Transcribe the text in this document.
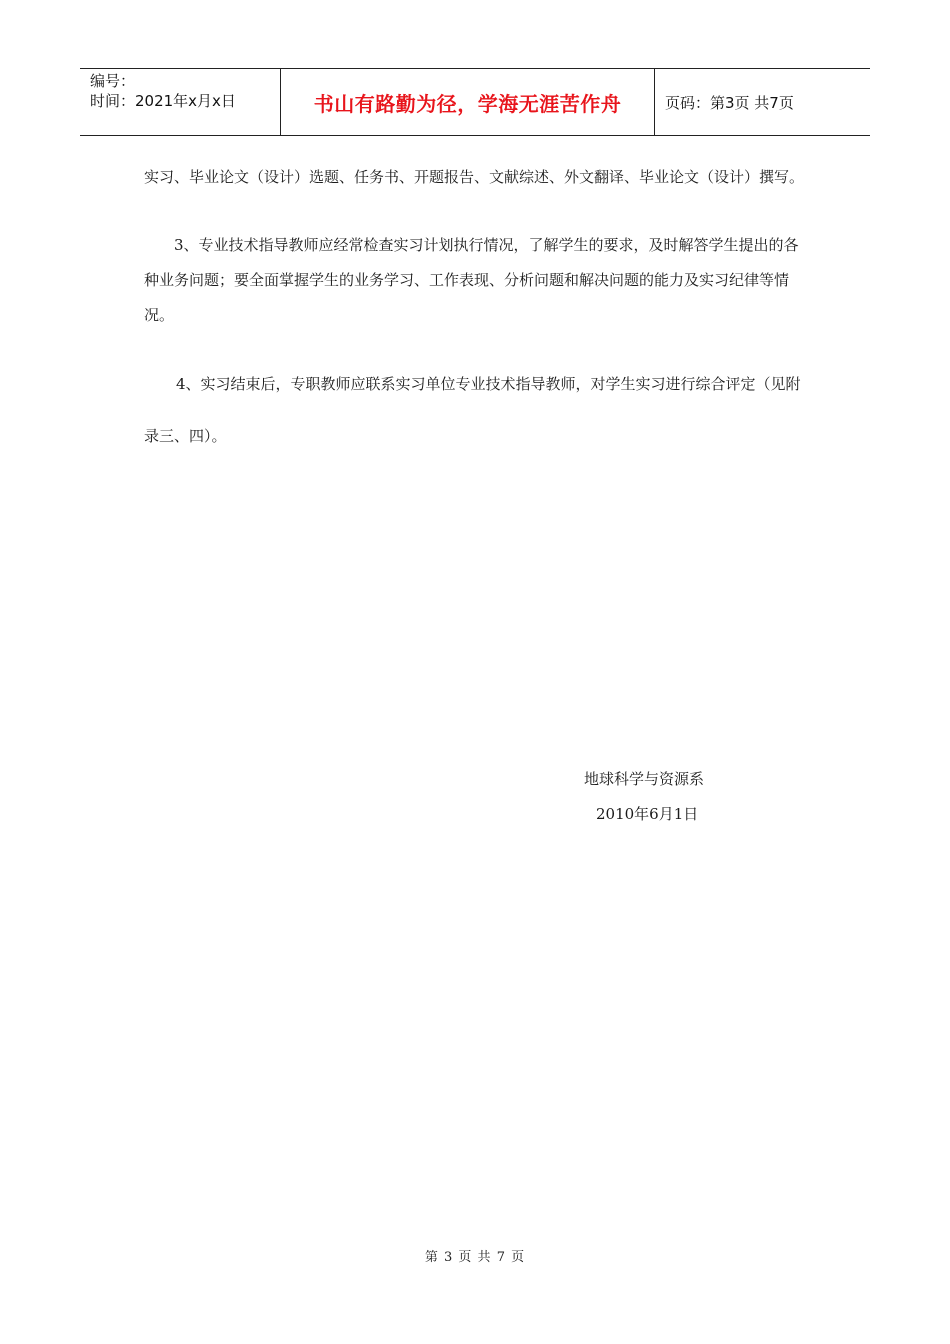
编号：
时间：2021年x月x日	书山有路勤为径，学海无涯苦作舟	页码：第3页 共7页
实习、毕业论文（设计）选题、任务书、开题报告、文献综述、外文翻译、毕业论文（设计）撰写。
3、专业技术指导教师应经常检查实习计划执行情况，了解学生的要求，及时解答学生提出的各种业务问题；要全面掌握学生的业务学习、工作表现、分析问题和解决问题的能力及实习纪律等情况。
4、实习结束后，专职教师应联系实习单位专业技术指导教师，对学生实习进行综合评定（见附录三、四）。
地球科学与资源系
2010年6月1日
第 3 页 共 7 页
